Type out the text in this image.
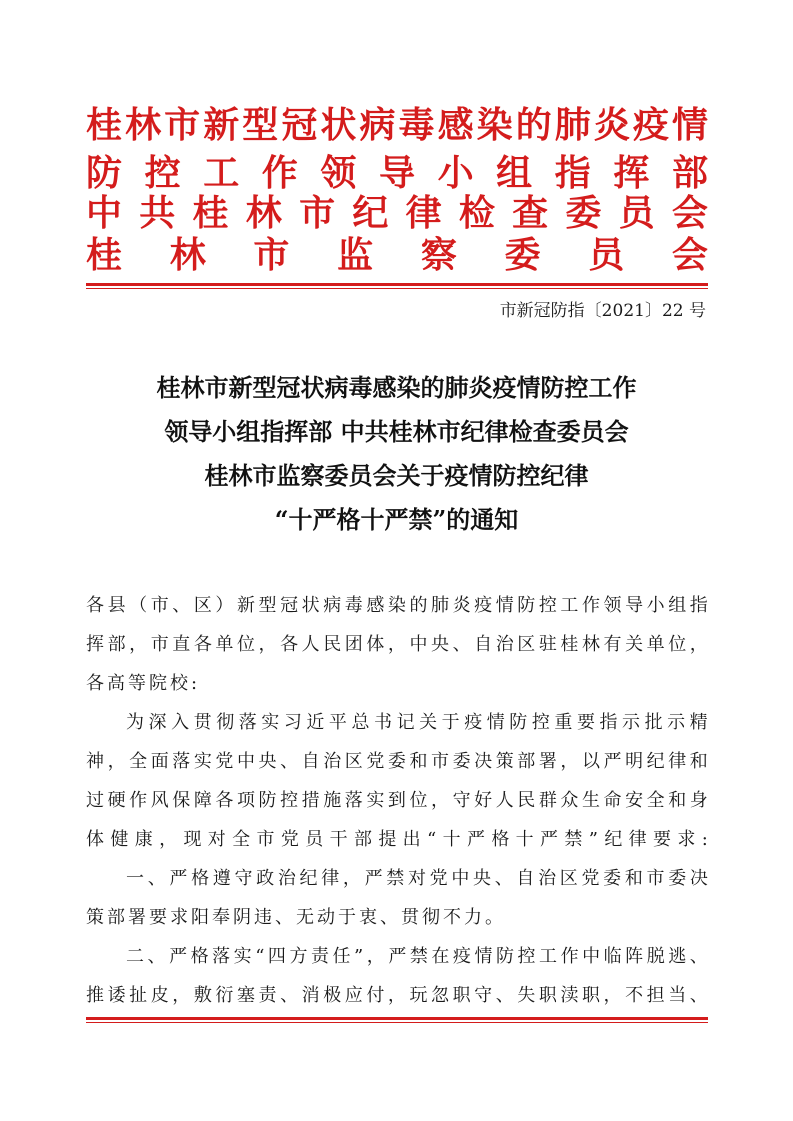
桂 林 市 新 型 冠 状 病 毒 感 染 的 肺 炎 疫 情
防 控 工 作 领 导 小 组 指 挥 部
中 共 桂 林 市 纪 律 检 查 委 员 会
桂 林 市 监 察 委 员 会
市新冠防指〔2021〕22 号
桂林市新型冠状病毒感染的肺炎疫情防控工作
领导小组指挥部 中共桂林市纪律检查委员会
桂林市监察委员会关于疫情防控纪律
“十严格十严禁”的通知
各 县 （ 市 、 区 ） 新 型 冠 状 病 毒 感 染 的 肺 炎 疫 情 防 控 工 作 领 导 小 组 指
挥 部 ， 市 直 各 单 位 ， 各 人 民 团 体 ， 中 央 、 自 治 区 驻 桂 林 有 关 单 位 ，
各高等院校:
为 深 入 贯 彻 落 实 习 近 平 总 书 记 关 于 疫 情 防 控 重 要 指 示 批 示 精
神 ， 全 面 落 实 党 中 央 、 自 治 区 党 委 和 市 委 决 策 部 署 ， 以 严 明 纪 律 和
过 硬 作 风 保 障 各 项 防 控 措 施 落 实 到 位 ， 守 好 人 民 群 众 生 命 安 全 和 身
体 健 康 ， 现 对 全 市 党 员 干 部 提 出 “ 十 严 格 十 严 禁 ” 纪 律 要 求 :
一 、 严 格 遵 守 政 治 纪 律 ， 严 禁 对 党 中 央 、 自 治 区 党 委 和 市 委 决
策部署要求阳奉阴违、无动于衷、贯彻不力。
二 、 严 格 落 实 “ 四 方 责 任 ” ， 严 禁 在 疫 情 防 控 工 作 中 临 阵 脱 逃 、
推 诿 扯 皮 ， 敷 衍 塞 责 、 消 极 应 付 ， 玩 忽 职 守 、 失 职 渎 职 ， 不 担 当 、
